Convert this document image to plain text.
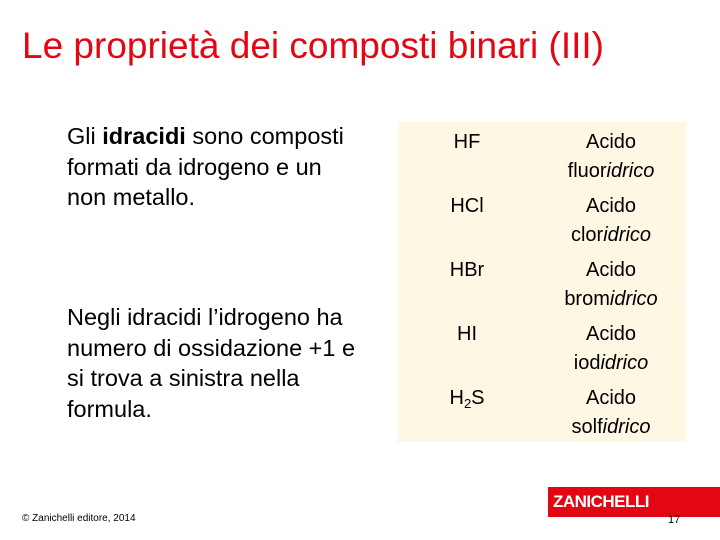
Le proprietà dei composti binari (III)
Gli idracidi sono composti formati da idrogeno e un non metallo.
Negli idracidi l’idrogeno ha numero di ossidazione +1 e si trova a sinistra nella formula.
HF	Acido
fluoridrico
HCl	Acido
cloridrico
HBr	Acido
bromidrico
HI	Acido
iodidrico
$H_2S$	Acido
solfidrico
© Zanichelli editore, 2014
ZANICHELLI
17
